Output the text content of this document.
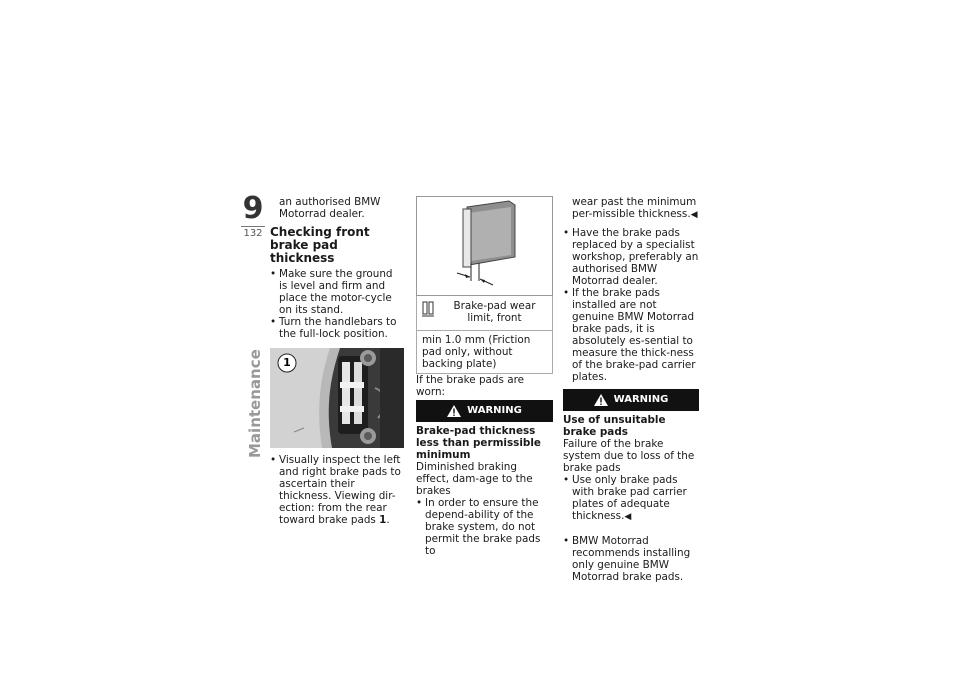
9
132
Maintenance

an authorised BMW Motorrad dealer.

Checking front brake pad thickness
• Make sure the ground is level and firm and place the motor-cycle on its stand.
• Turn the handlebars to the full-lock position.
1
• Visually inspect the left and right brake pads to ascertain their thickness. Viewing dir-ection: from the rear toward brake pads 1.
Brake-pad wear limit, front
min 1.0 mm (Friction pad only, without backing plate)

If the brake pads are worn:

WARNING

Brake-pad thickness less than permissible minimum

Diminished braking effect, dam-age to the brakes

• In order to ensure the depend-ability of the brake system, do not permit the brake pads to

wear past the minimum per-missible thickness.◀

• Have the brake pads replaced by a specialist workshop, preferably an authorised BMW Motorrad dealer.
• If the brake pads installed are not genuine BMW Motorrad brake pads, it is absolutely es-sential to measure the thick-ness of the brake-pad carrier plates.
WARNING

Use of unsuitable brake pads

Failure of the brake system due to loss of the brake pads

• Use only brake pads with brake pad carrier plates of adequate thickness.◀
• BMW Motorrad recommends installing only genuine BMW Motorrad brake pads.
